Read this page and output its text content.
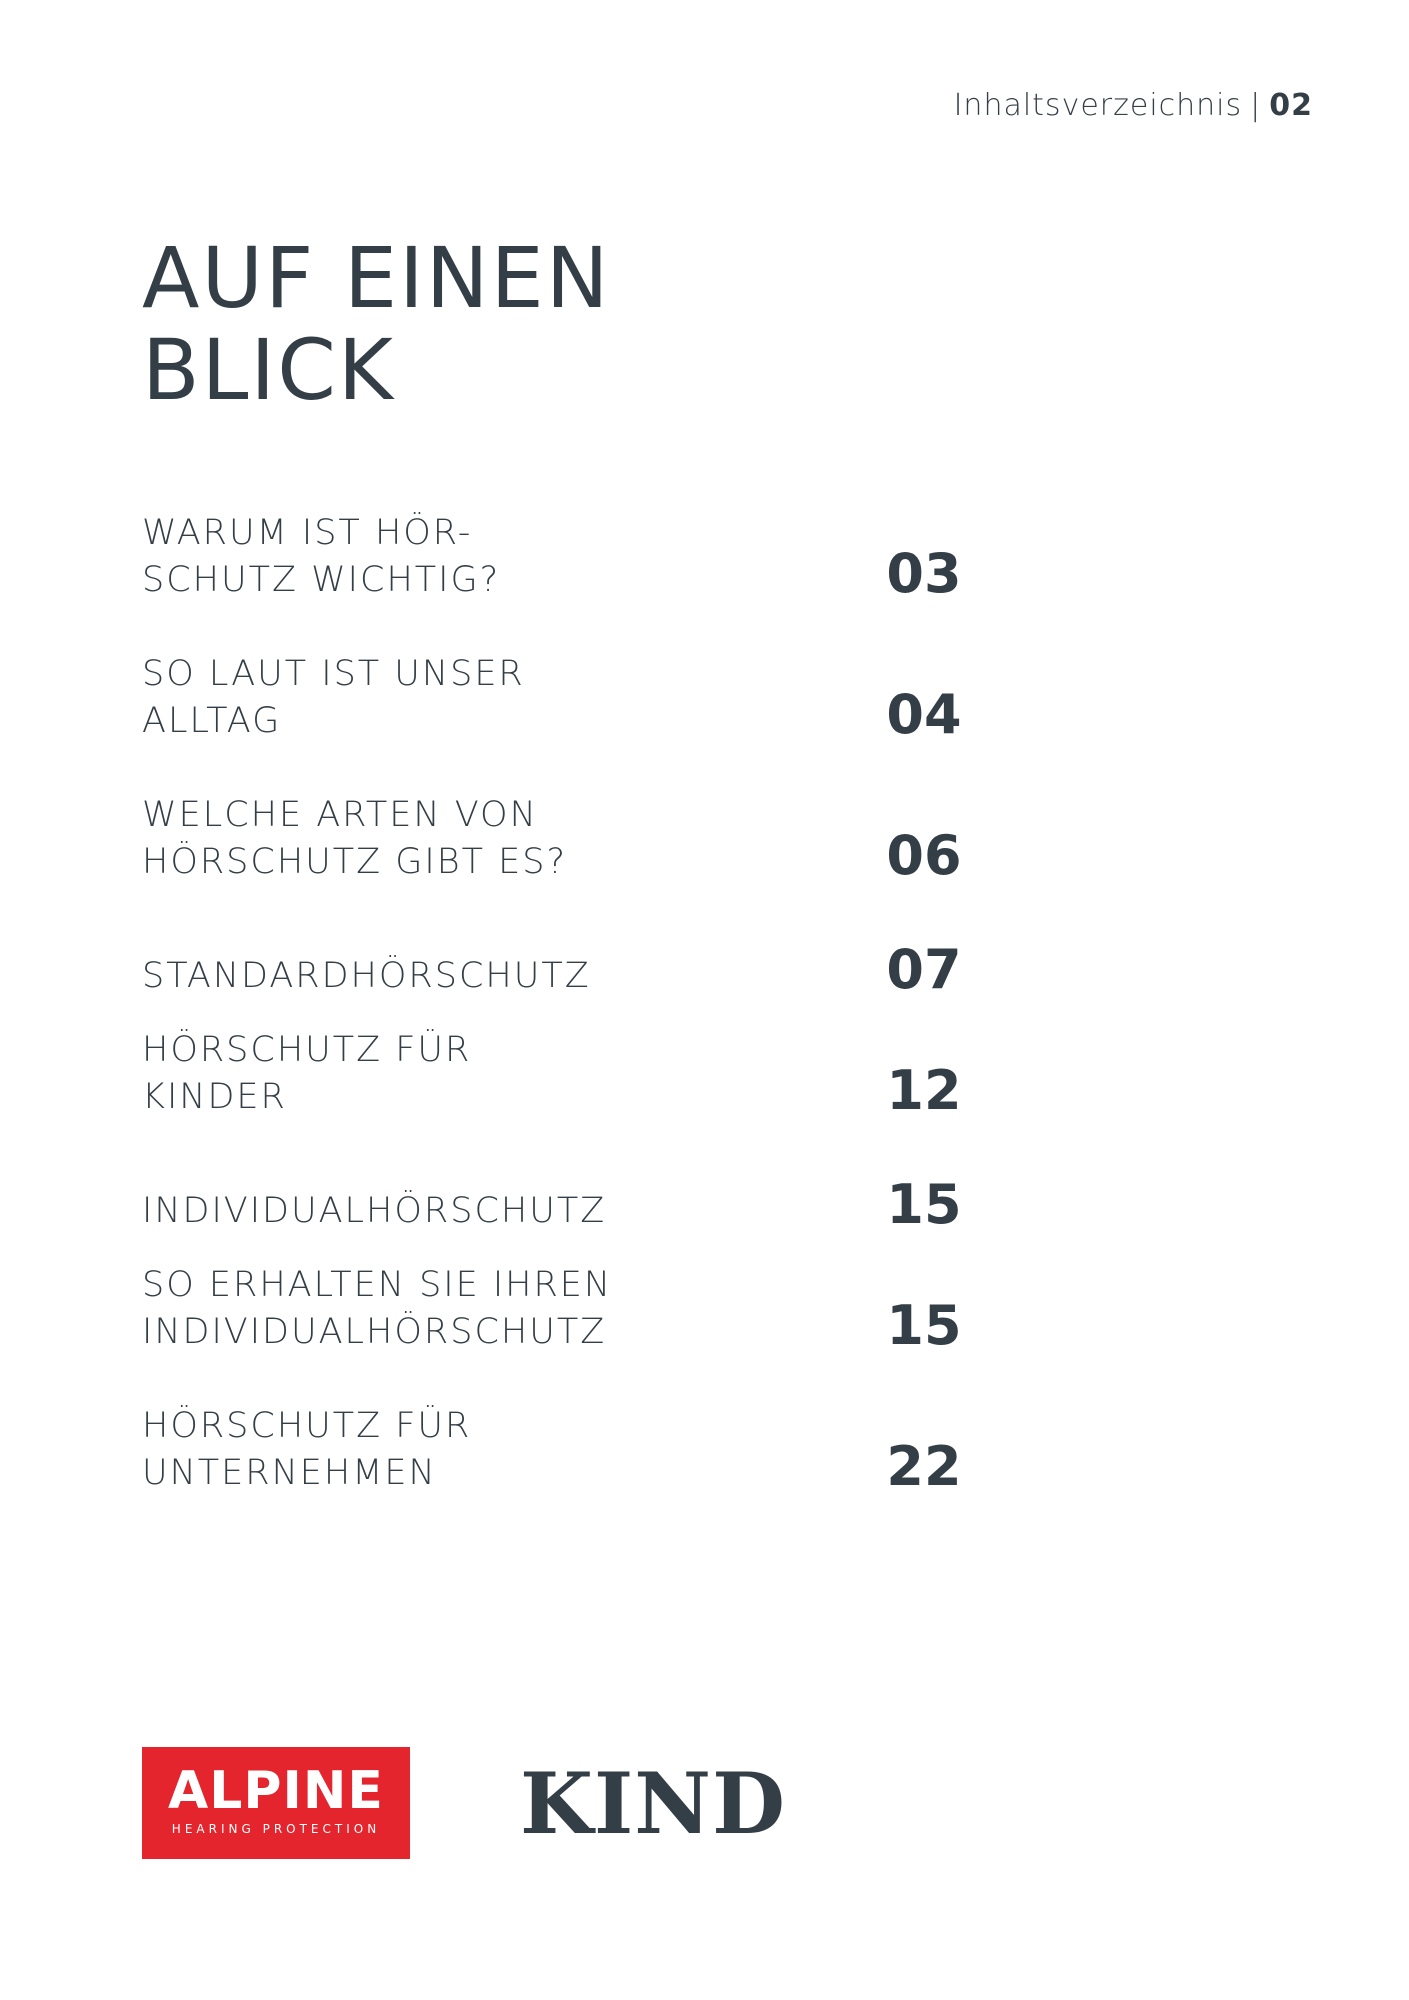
Inhaltsverzeichnis | 02
AUF EINEN
BLICK
WARUM IST HÖR-
SCHUTZ WICHTIG?	03
SO LAUT IST UNSER
ALLTAG	04
WELCHE ARTEN VON
HÖRSCHUTZ GIBT ES?	06
STANDARDHÖRSCHUTZ	07
HÖRSCHUTZ FÜR
KINDER	12
INDIVIDUALHÖRSCHUTZ	15
SO ERHALTEN SIE IHREN
INDIVIDUALHÖRSCHUTZ	15
HÖRSCHUTZ FÜR
UNTERNEHMEN	22
ALPINE
HEARING PROTECTION	KIND
